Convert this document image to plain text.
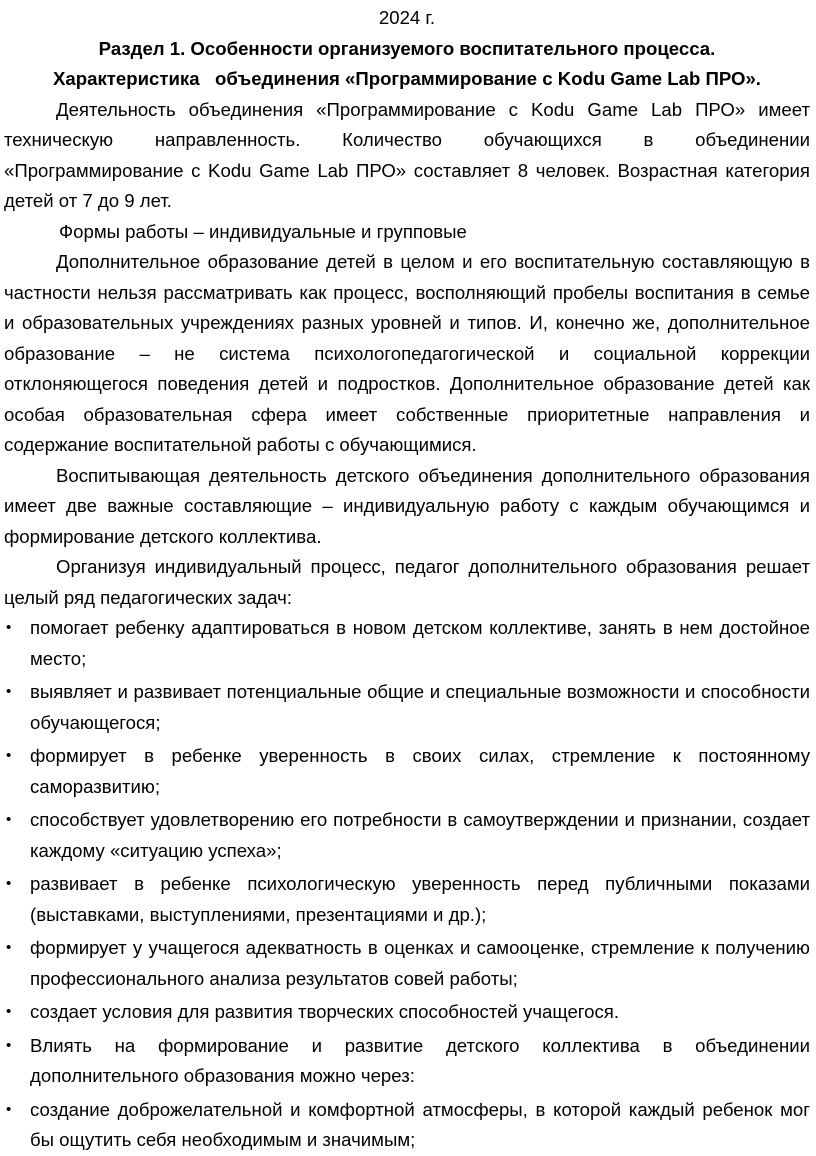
2024 г.

Раздел 1. Особенности организуемого воспитательного процесса.

Характеристика   объединения «Программирование с Kodu Game Lab ПРО».

Деятельность объединения «Программирование с Kodu Game Lab ПРО» имеет техническую направленность. Количество обучающихся в объединении «Программирование с Kodu Game Lab ПРО» составляет 8 человек. Возрастная категория детей от 7 до 9 лет.

Формы работы – индивидуальные и групповые

Дополнительное образование детей в целом и его воспитательную составляющую в частности нельзя рассматривать как процесс, восполняющий пробелы воспитания в семье и образовательных учреждениях разных уровней и типов. И, конечно же, дополнительное образование – не система психологопедагогической и социальной коррекции отклоняющегося поведения детей и подростков. Дополнительное образование детей как особая образовательная сфера имеет собственные приоритетные направления и содержание воспитательной работы с обучающимися.

Воспитывающая деятельность детского объединения дополнительного образования имеет две важные составляющие – индивидуальную работу с каждым обучающимся и формирование детского коллектива.

Организуя индивидуальный процесс, педагог дополнительного образования решает целый ряд педагогических задач:

• помогает ребенку адаптироваться в новом детском коллективе, занять в нем достойное место;
• выявляет и развивает потенциальные общие и специальные возможности и способности обучающегося;
• формирует в ребенке уверенность в своих силах, стремление к постоянному саморазвитию;
• способствует удовлетворению его потребности в самоутверждении и признании, создает каждому «ситуацию успеха»;
• развивает в ребенке психологическую уверенность перед публичными показами (выставками, выступлениями, презентациями и др.);
• формирует у учащегося адекватность в оценках и самооценке, стремление к получению профессионального анализа результатов совей работы;
• создает условия для развития творческих способностей учащегося.
• Влиять на формирование и развитие детского коллектива в объединении дополнительного образования можно через:
• создание доброжелательной и комфортной атмосферы, в которой каждый ребенок мог бы ощутить себя необходимым и значимым;
